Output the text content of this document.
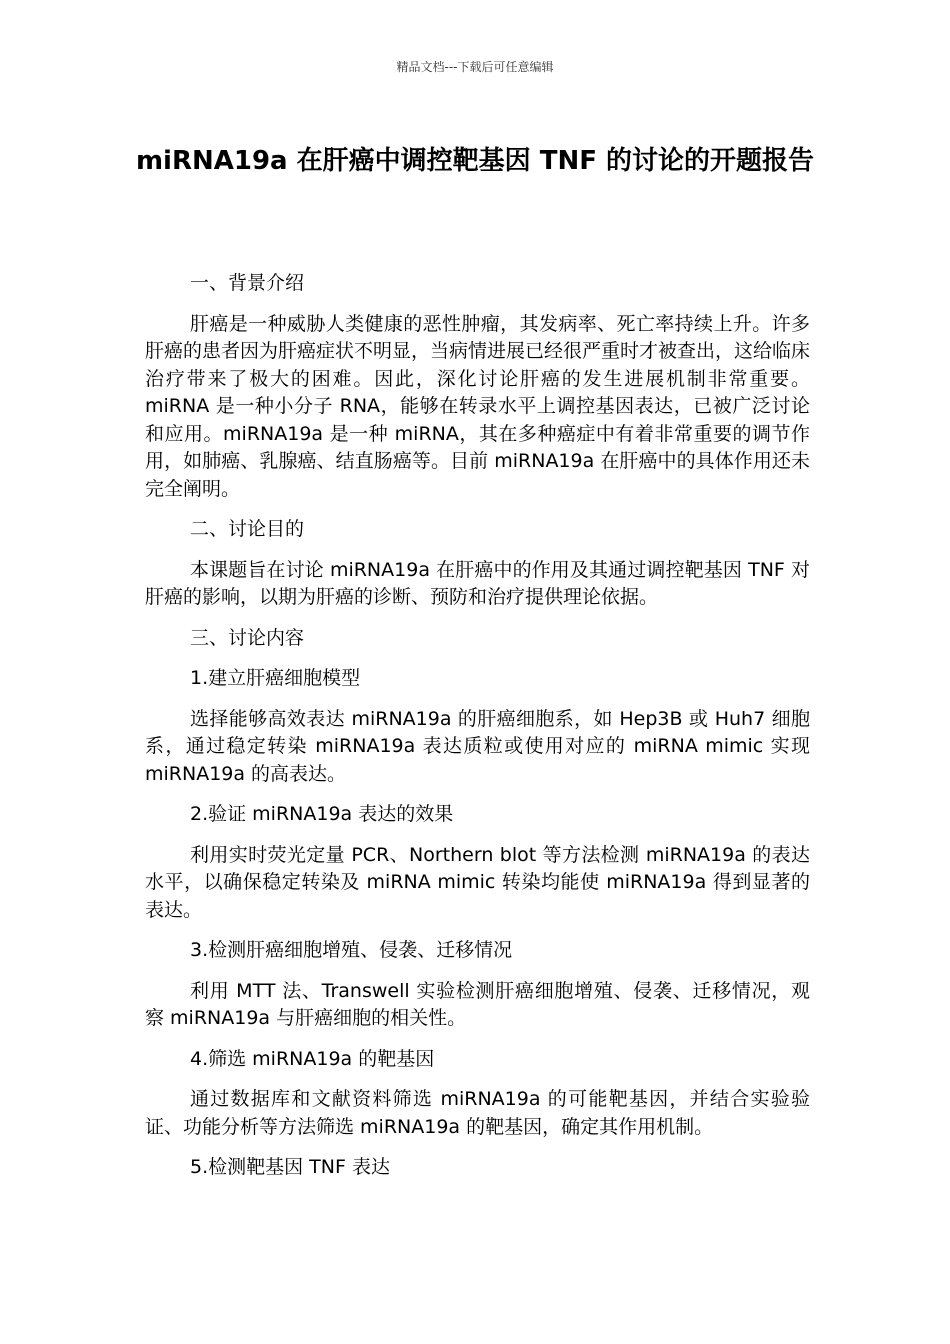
精品文档---下载后可任意编辑
miRNA19a 在肝癌中调控靶基因 TNF 的讨论的开题报告

一、背景介绍

肝癌是一种威胁人类健康的恶性肿瘤，其发病率、死亡率持续上升。许多肝癌的患者因为肝癌症状不明显，当病情进展已经很严重时才被查出，这给临床治疗带来了极大的困难。因此，深化讨论肝癌的发生进展机制非常重要。miRNA 是一种小分子 RNA，能够在转录水平上调控基因表达，已被广泛讨论和应用。miRNA19a 是一种 miRNA，其在多种癌症中有着非常重要的调节作用，如肺癌、乳腺癌、结直肠癌等。目前 miRNA19a 在肝癌中的具体作用还未完全阐明。

二、讨论目的

本课题旨在讨论 miRNA19a 在肝癌中的作用及其通过调控靶基因 TNF 对肝癌的影响，以期为肝癌的诊断、预防和治疗提供理论依据。

三、讨论内容

1.建立肝癌细胞模型

选择能够高效表达 miRNA19a 的肝癌细胞系，如 Hep3B 或 Huh7 细胞系，通过稳定转染 miRNA19a 表达质粒或使用对应的 miRNA mimic 实现 miRNA19a 的高表达。

2.验证 miRNA19a 表达的效果

利用实时荧光定量 PCR、Northern blot 等方法检测 miRNA19a 的表达水平，以确保稳定转染及 miRNA mimic 转染均能使 miRNA19a 得到显著的表达。

3.检测肝癌细胞增殖、侵袭、迁移情况

利用 MTT 法、Transwell 实验检测肝癌细胞增殖、侵袭、迁移情况，观察 miRNA19a 与肝癌细胞的相关性。

4.筛选 miRNA19a 的靶基因

通过数据库和文献资料筛选 miRNA19a 的可能靶基因，并结合实验验证、功能分析等方法筛选 miRNA19a 的靶基因，确定其作用机制。

5.检测靶基因 TNF 表达
